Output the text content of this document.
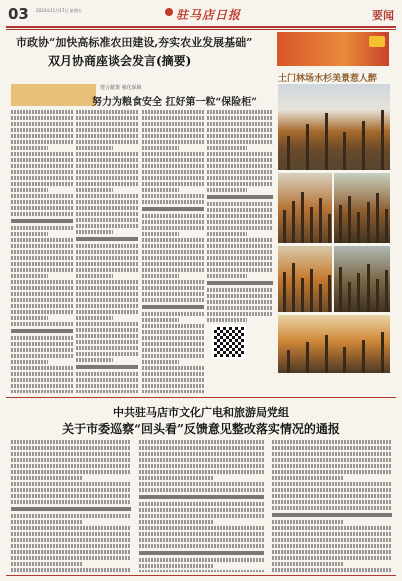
03 2023年11月17日 星期五	驻马店日报	要闻
市政协“加快高标准农田建设,夯实农业发展基础”
双月协商座谈会发言(摘要)
土门林场水杉美景惹人醉
建言献策 强化保障
努力为粮食安全 扛好第一粒“保险柜”
中共驻马店市文化广电和旅游局党组
关于市委巡察“回头看”反馈意见整改落实情况的通报
